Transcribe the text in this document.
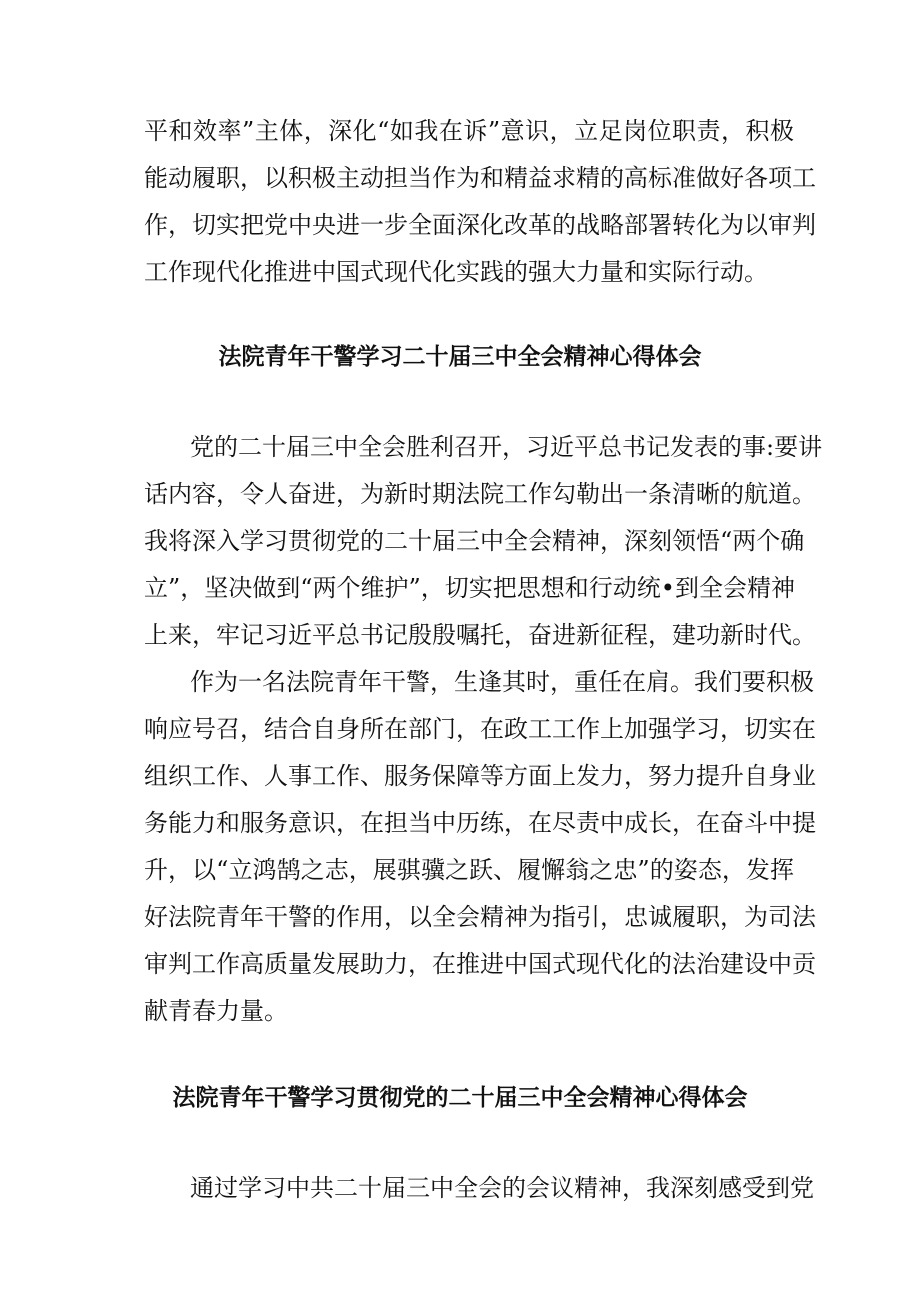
平和效率”主体，深化“如我在诉”意识，立足岗位职责，积极
能动履职，以积极主动担当作为和精益求精的高标准做好各项工
作，切实把党中央进一步全面深化改革的战略部署转化为以审判
工作现代化推进中国式现代化实践的强大力量和实际行动。
法院青年干警学习二十届三中全会精神心得体会
党的二十届三中全会胜利召开，习近平总书记发表的事:要讲
话内容，令人奋进，为新时期法院工作勾勒出一条清晰的航道。
我将深入学习贯彻党的二十届三中全会精神，深刻领悟“两个确
立”，坚决做到“两个维护”，切实把思想和行动统•到全会精神
上来，牢记习近平总书记殷殷嘱托，奋进新征程，建功新时代。
作为一名法院青年干警，生逢其时，重任在肩。我们要积极
响应号召，结合自身所在部门，在政工工作上加强学习，切实在
组织工作、人事工作、服务保障等方面上发力，努力提升自身业
务能力和服务意识，在担当中历练，在尽责中成长，在奋斗中提
升，以“立鸿鹄之志，展骐骥之跃、履懈翁之忠”的姿态，发挥
好法院青年干警的作用，以全会精神为指引，忠诚履职，为司法
审判工作高质量发展助力，在推进中国式现代化的法治建设中贡
献青春力量。
法院青年干警学习贯彻党的二十届三中全会精神心得体会
通过学习中共二十届三中全会的会议精神，我深刻感受到党
